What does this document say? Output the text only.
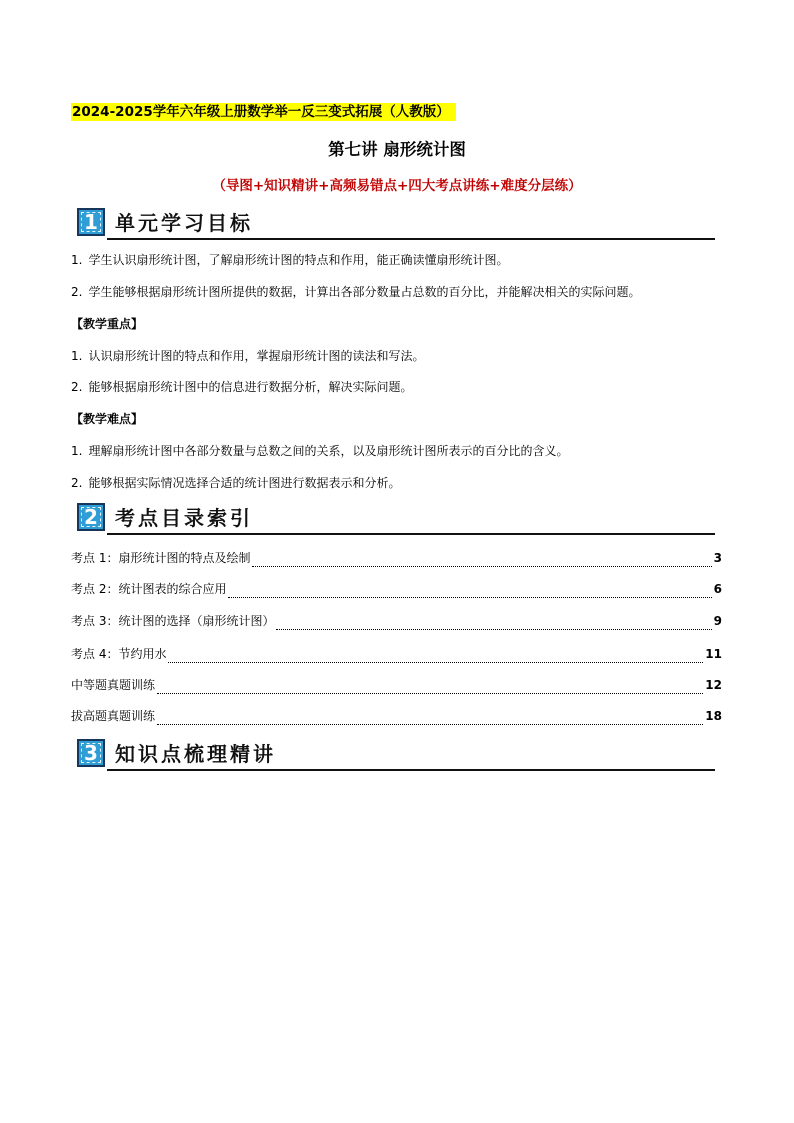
2024-2025学年六年级上册数学举一反三变式拓展（人教版）
第七讲 扇形统计图
（导图+知识精讲+高频易错点+四大考点讲练+难度分层练）
1 单元学习目标
1. 学生认识扇形统计图，了解扇形统计图的特点和作用，能正确读懂扇形统计图。
2. 学生能够根据扇形统计图所提供的数据，计算出各部分数量占总数的百分比，并能解决相关的实际问题。
【教学重点】
1. 认识扇形统计图的特点和作用，掌握扇形统计图的读法和写法。
2. 能够根据扇形统计图中的信息进行数据分析，解决实际问题。
【教学难点】
1. 理解扇形统计图中各部分数量与总数之间的关系，以及扇形统计图所表示的百分比的含义。
2. 能够根据实际情况选择合适的统计图进行数据表示和分析。
2 考点目录索引
考点 1：扇形统计图的特点及绘制	3
考点 2：统计图表的综合应用	6
考点 3：统计图的选择（扇形统计图）	9
考点 4：节约用水	11
中等题真题训练	12
拔高题真题训练	18
3 知识点梳理精讲
